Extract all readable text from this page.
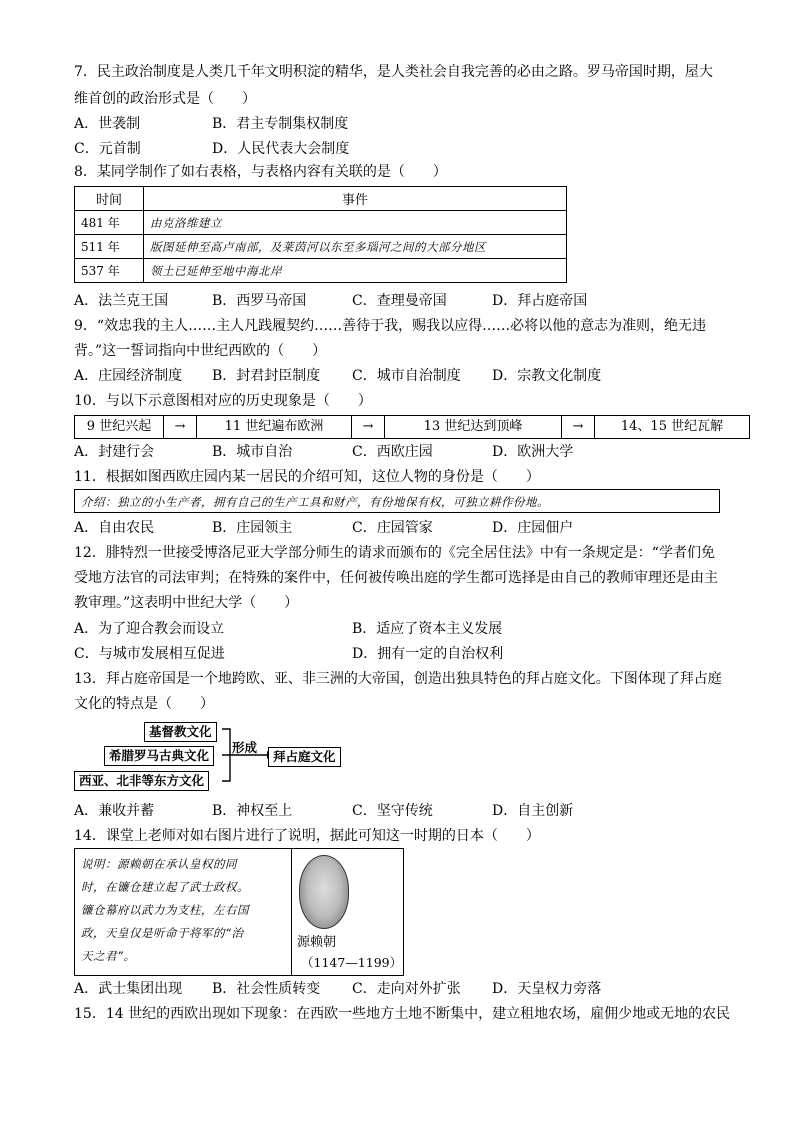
7．民主政治制度是人类几千年文明积淀的精华，是人类社会自我完善的必由之路。罗马帝国时期，屋大
维首创的政治形式是（　　）
A．世袭制	B．君主专制集权制度
C．元首制	D．人民代表大会制度
8．某同学制作了如右表格，与表格内容有关联的是（　　）
时间	事件
481 年	由克洛维建立
511 年	版图延伸至高卢南部，及莱茵河以东至多瑙河之间的大部分地区
537 年	领土已延伸至地中海北岸
A．法兰克王国	B．西罗马帝国	C．查理曼帝国	D．拜占庭帝国
9．“效忠我的主人……主人凡践履契约……善待于我，赐我以应得……必将以他的意志为准则，绝无违
背。”这一誓词指向中世纪西欧的（　　）
A．庄园经济制度 B．封君封臣制度 C．城市自治制度 D．宗教文化制度
10．与以下示意图相对应的历史现象是（　　）
9 世纪兴起	→	11 世纪遍布欧洲	→	13 世纪达到顶峰	→	14、15 世纪瓦解
A．封建行会	B．城市自治	C．西欧庄园	D．欧洲大学
11．根据如图西欧庄园内某一居民的介绍可知，这位人物的身份是（　　）
介绍：独立的小生产者，拥有自己的生产工具和财产，有份地保有权，可独立耕作份地。
A．自由农民	B．庄园领主	C．庄园管家	D．庄园佃户
12．腓特烈一世接受博洛尼亚大学部分师生的请求而颁布的《完全居住法》中有一条规定是：“学者们免
受地方法官的司法审判；在特殊的案件中，任何被传唤出庭的学生都可选择是由自己的教师审理还是由主
教审理。”这表明中世纪大学（　　）
A．为了迎合教会而设立	B．适应了资本主义发展
C．与城市发展相互促进	D．拥有一定的自治权利
13．拜占庭帝国是一个地跨欧、亚、非三洲的大帝国，创造出独具特色的拜占庭文化。下图体现了拜占庭
文化的特点是（　　）
基督教文化
希腊罗马古典文化
西亚、北非等东方文化
形成
拜占庭文化
A．兼收并蓄	B．神权至上	C．坚守传统	D．自主创新
14．课堂上老师对如右图片进行了说明，据此可知这一时期的日本（　　）
说明：源赖朝在承认皇权的同
时，在镰仓建立起了武士政权。
镰仓幕府以武力为支柱，左右国
政，天皇仅是听命于将军的“治
天之君”。
源赖朝
（1147—1199）
A．武士集团出现 B．社会性质转变 C．走向对外扩张 D．天皇权力旁落
15．14 世纪的西欧出现如下现象：在西欧一些地方土地不断集中，建立租地农场，雇佣少地或无地的农民
